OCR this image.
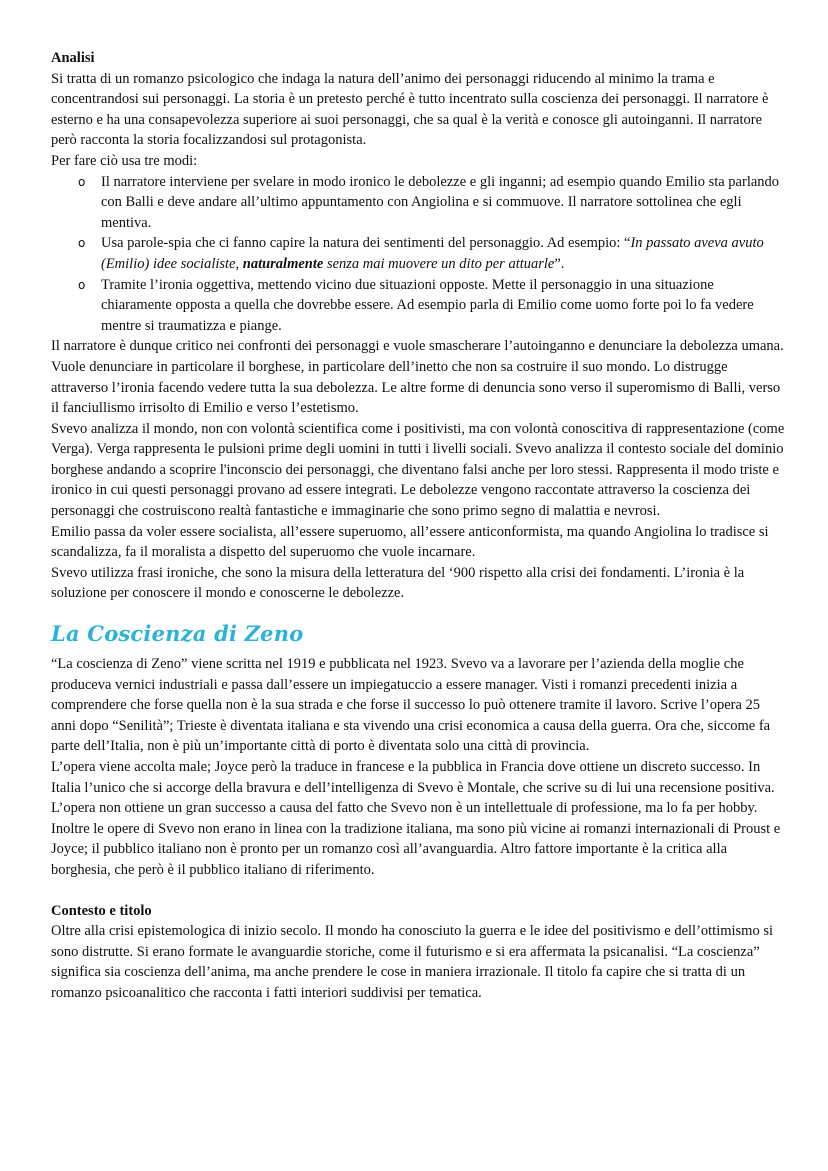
Analisi

Si tratta di un romanzo psicologico che indaga la natura dell’animo dei personaggi riducendo al minimo la trama e concentrandosi sui personaggi. La storia è un pretesto perché è tutto incentrato sulla coscienza dei personaggi. Il narratore è esterno e ha una consapevolezza superiore ai suoi personaggi, che sa qual è la verità e conosce gli autoinganni. Il narratore però racconta la storia focalizzandosi sul protagonista.

Per fare ciò usa tre modi:

o Il narratore interviene per svelare in modo ironico le debolezze e gli inganni; ad esempio quando Emilio sta parlando con Balli e deve andare all’ultimo appuntamento con Angiolina e si commuove. Il narratore sottolinea che egli mentiva.
o Usa parole-spia che ci fanno capire la natura dei sentimenti del personaggio. Ad esempio: “In passato aveva avuto (Emilio) idee socialiste, naturalmente senza mai muovere un dito per attuarle”.
o Tramite l’ironia oggettiva, mettendo vicino due situazioni opposte. Mette il personaggio in una situazione chiaramente opposta a quella che dovrebbe essere. Ad esempio parla di Emilio come uomo forte poi lo fa vedere mentre si traumatizza e piange.

Il narratore è dunque critico nei confronti dei personaggi e vuole smascherare l’autoinganno e denunciare la debolezza umana. Vuole denunciare in particolare il borghese, in particolare dell’inetto che non sa costruire il suo mondo. Lo distrugge attraverso l’ironia facendo vedere tutta la sua debolezza. Le altre forme di denuncia sono verso il superomismo di Balli, verso il fanciullismo irrisolto di Emilio e verso l’estetismo.

Svevo analizza il mondo, non con volontà scientifica come i positivisti, ma con volontà conoscitiva di rappresentazione (come Verga). Verga rappresenta le pulsioni prime degli uomini in tutti i livelli sociali. Svevo analizza il contesto sociale del dominio borghese andando a scoprire l'inconscio dei personaggi, che diventano falsi anche per loro stessi. Rappresenta il modo triste e ironico in cui questi personaggi provano ad essere integrati. Le debolezze vengono raccontate attraverso la coscienza dei personaggi che costruiscono realtà fantastiche e immaginarie che sono primo segno di malattia e nevrosi.

Emilio passa da voler essere socialista, all’essere superuomo, all’essere anticonformista, ma quando Angiolina lo tradisce si scandalizza, fa il moralista a dispetto del superuomo che vuole incarnare.

Svevo utilizza frasi ironiche, che sono la misura della letteratura del ‘900 rispetto alla crisi dei fondamenti. L’ironia è la soluzione per conoscere il mondo e conoscerne le debolezze.

La Coscienza di Zeno

“La coscienza di Zeno” viene scritta nel 1919 e pubblicata nel 1923. Svevo va a lavorare per l’azienda della moglie che produceva vernici industriali e passa dall’essere un impiegatuccio a essere manager. Visti i romanzi precedenti inizia a comprendere che forse quella non è la sua strada e che forse il successo lo può ottenere tramite il lavoro. Scrive l’opera 25 anni dopo “Senilità”; Trieste è diventata italiana e sta vivendo una crisi economica a causa della guerra. Ora che, siccome fa parte dell’Italia, non è più un’importante città di porto è diventata solo una città di provincia.

L’opera viene accolta male; Joyce però la traduce in francese e la pubblica in Francia dove ottiene un discreto successo. In Italia l’unico che si accorge della bravura e dell’intelligenza di Svevo è Montale, che scrive su di lui una recensione positiva.

L’opera non ottiene un gran successo a causa del fatto che Svevo non è un intellettuale di professione, ma lo fa per hobby.

Inoltre le opere di Svevo non erano in linea con la tradizione italiana, ma sono più vicine ai romanzi internazionali di Proust e Joyce; il pubblico italiano non è pronto per un romanzo così all’avanguardia. Altro fattore importante è la critica alla borghesia, che però è il pubblico italiano di riferimento.

Contesto e titolo

Oltre alla crisi epistemologica di inizio secolo. Il mondo ha conosciuto la guerra e le idee del positivismo e dell’ottimismo si sono distrutte. Si erano formate le avanguardie storiche, come il futurismo e si era affermata la psicanalisi. “La coscienza” significa sia coscienza dell’anima, ma anche prendere le cose in maniera irrazionale. Il titolo fa capire che si tratta di un romanzo psicoanalitico che racconta i fatti interiori suddivisi per tematica.
